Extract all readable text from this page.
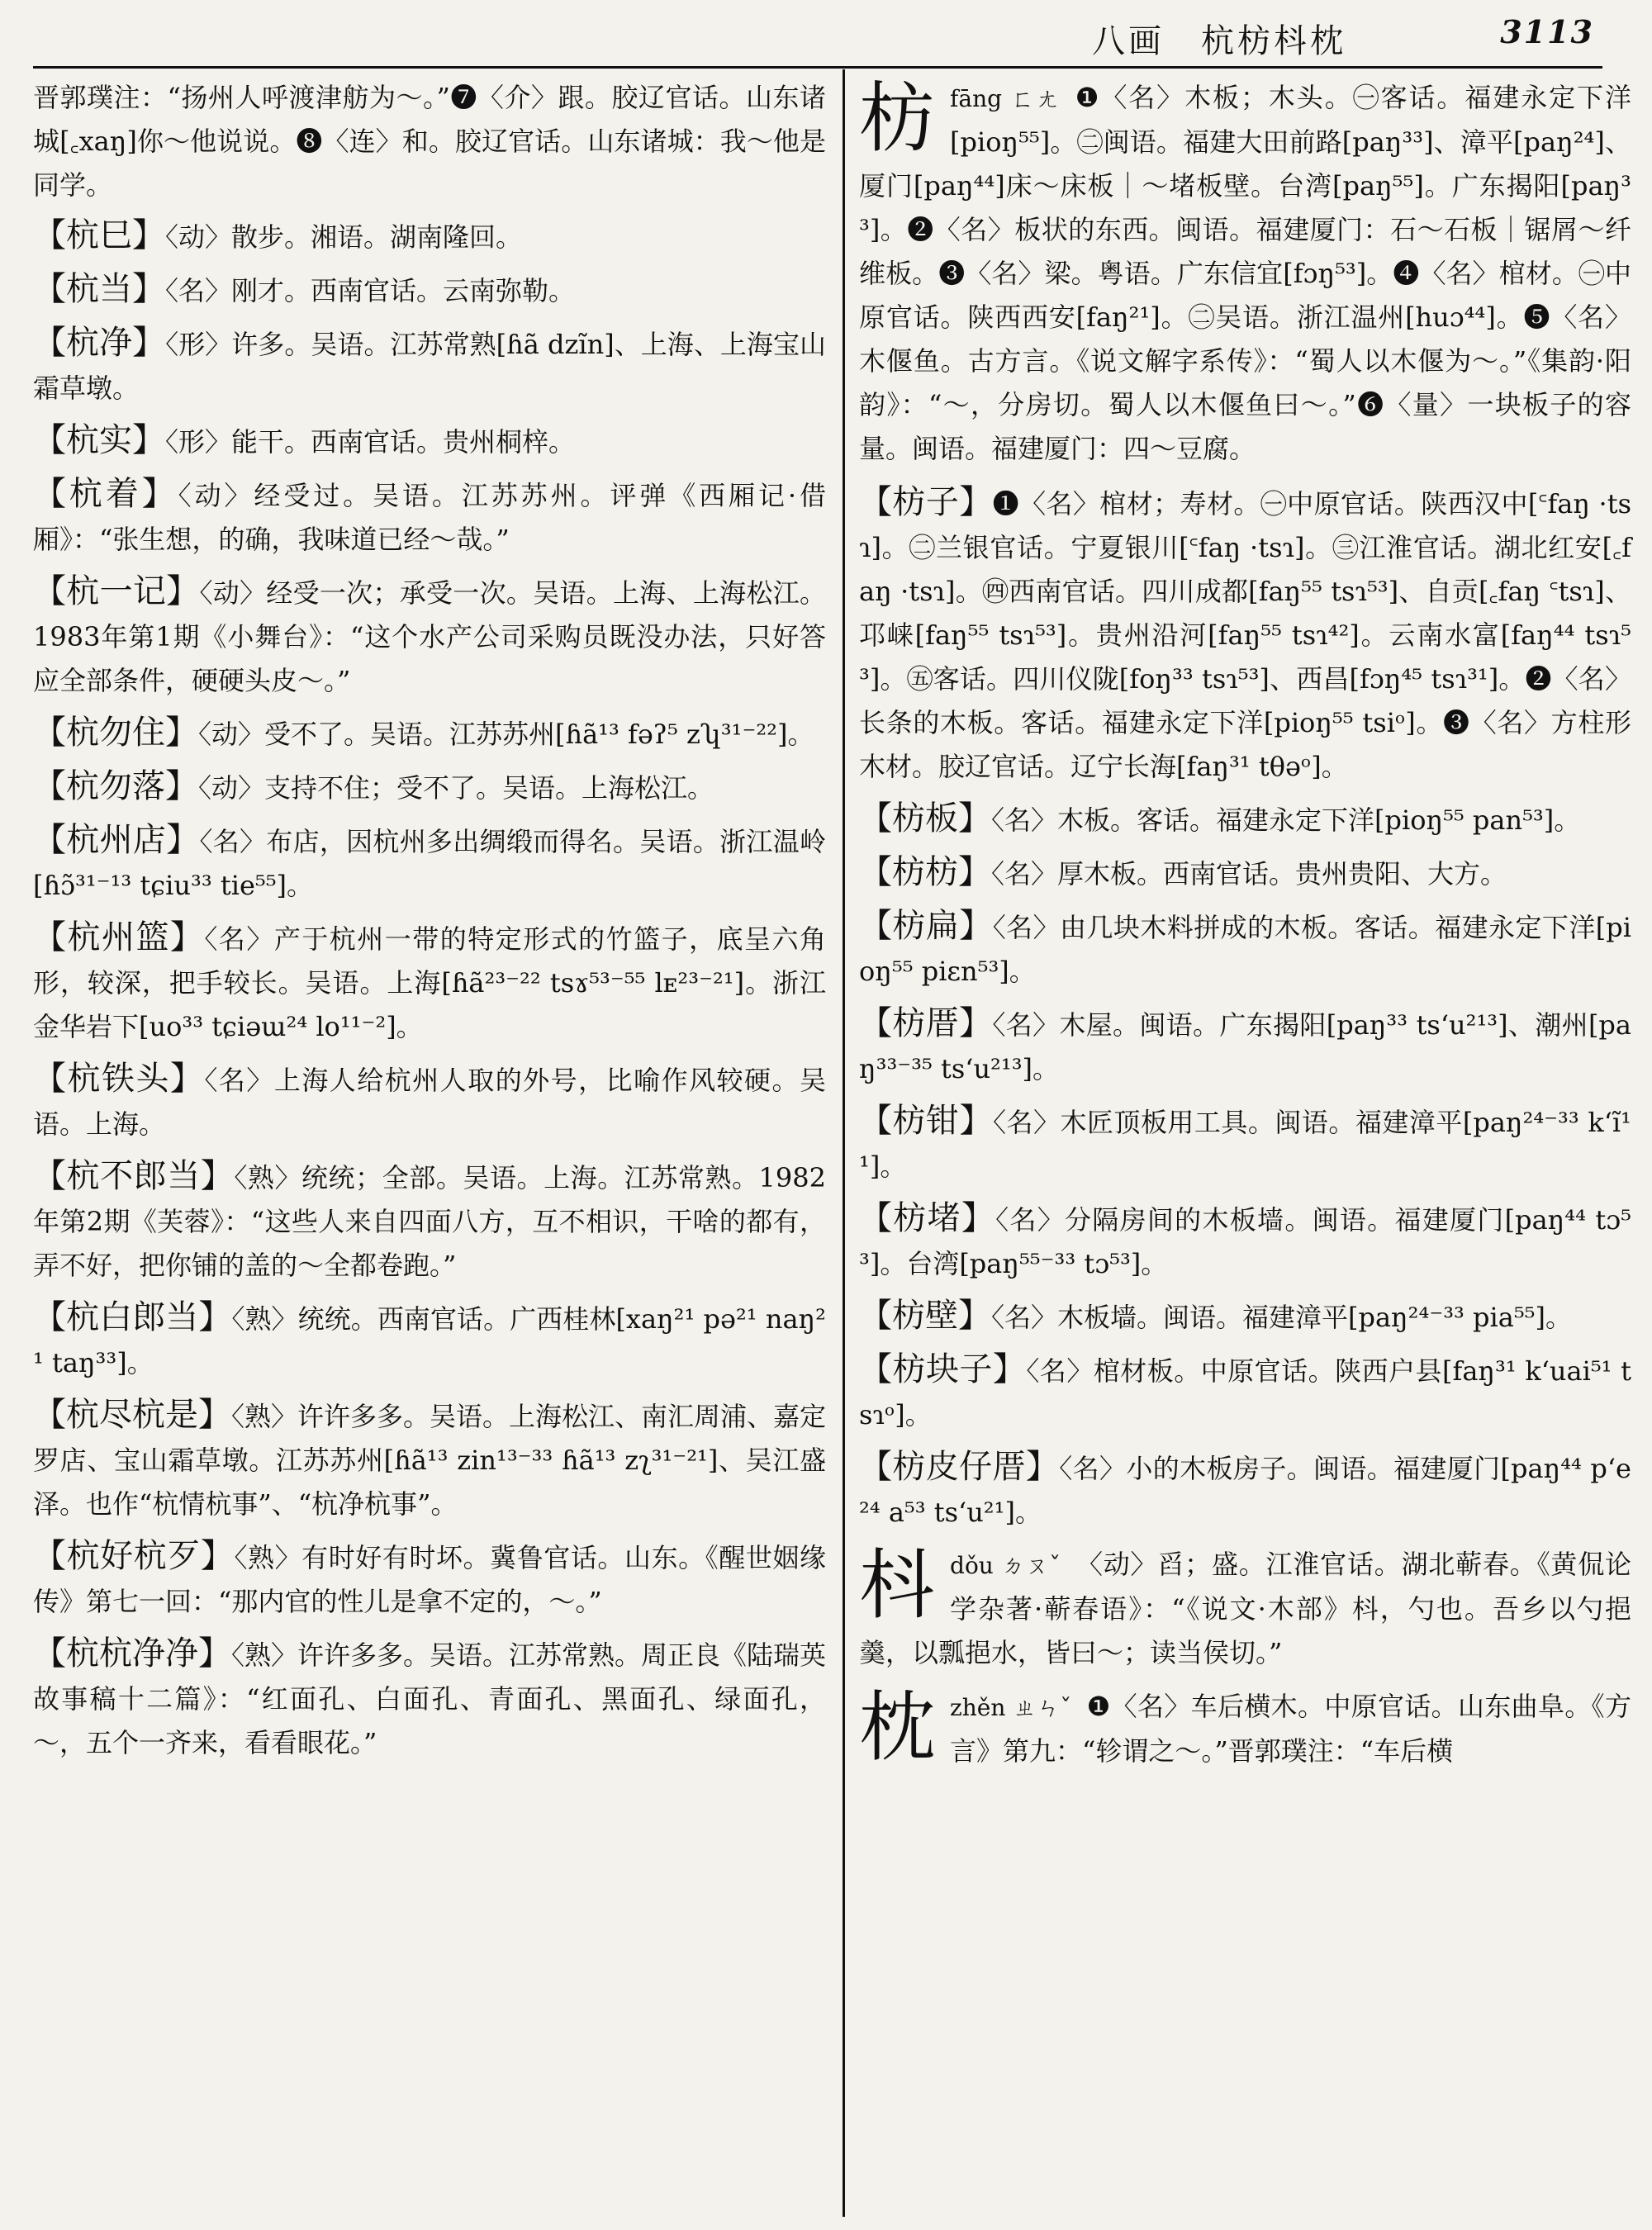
八画　杭枋枓枕	3113

晋郭璞注：“扬州人呼渡津舫为～。”❼〈介〉跟。胶辽官话。山东诸城[꜀xaŋ]你～他说说。❽〈连〉和。胶辽官话。山东诸城：我～他是同学。

【杭巳】〈动〉散步。湘语。湖南隆回。

【杭当】〈名〉刚才。西南官话。云南弥勒。

【杭净】〈形〉许多。吴语。江苏常熟[ɦã dzĩn]、上海、上海宝山霜草墩。

【杭实】〈形〉能干。西南官话。贵州桐梓。

【杭着】〈动〉经受过。吴语。江苏苏州。评弹《西厢记·借厢》：“张生想，的确，我味道已经～哉。”

【杭一记】〈动〉经受一次；承受一次。吴语。上海、上海松江。1983年第1期《小舞台》：“这个水产公司采购员既没办法，只好答应全部条件，硬硬头皮～。”

【杭勿住】〈动〉受不了。吴语。江苏苏州[ɦã¹³ fəʔ⁵ zʮ³¹⁻²²]。

【杭勿落】〈动〉支持不住；受不了。吴语。上海松江。

【杭州店】〈名〉布店，因杭州多出绸缎而得名。吴语。浙江温岭[ɦɔ̃³¹⁻¹³ tɕiu³³ tie⁵⁵]。

【杭州篮】〈名〉产于杭州一带的特定形式的竹篮子，底呈六角形，较深，把手较长。吴语。上海[ɦã²³⁻²² tsɤ⁵³⁻⁵⁵ lᴇ²³⁻²¹]。浙江金华岩下[uo³³ tɕiəɯ²⁴ lo¹¹⁻²]。

【杭铁头】〈名〉上海人给杭州人取的外号，比喻作风较硬。吴语。上海。

【杭不郎当】〈熟〉统统；全部。吴语。上海。江苏常熟。1982年第2期《芙蓉》：“这些人来自四面八方，互不相识，干啥的都有，弄不好，把你铺的盖的～全都卷跑。”

【杭白郎当】〈熟〉统统。西南官话。广西桂林[xaŋ²¹ pə²¹ naŋ²¹ taŋ³³]。

【杭尽杭是】〈熟〉许许多多。吴语。上海松江、南汇周浦、嘉定罗店、宝山霜草墩。江苏苏州[ɦã¹³ zin¹³⁻³³ ɦã¹³ zʅ³¹⁻²¹]、吴江盛泽。也作“杭情杭事”、“杭净杭事”。

【杭好杭歹】〈熟〉有时好有时坏。冀鲁官话。山东。《醒世姻缘传》第七一回：“那内官的性儿是拿不定的，～。”

【杭杭净净】〈熟〉许许多多。吴语。江苏常熟。周正良《陆瑞英故事稿十二篇》：“红面孔、白面孔、青面孔、黑面孔、绿面孔，～，五个一齐来，看看眼花。”

枋fāng ㄈㄤ ❶〈名〉木板；木头。㊀客话。福建永定下洋 [pioŋ⁵⁵]。㊁闽语。福建大田前路[paŋ³³]、漳平[paŋ²⁴]、厦门[paŋ⁴⁴]床～床板｜～堵板壁。台湾[paŋ⁵⁵]。广东揭阳[paŋ³³]。❷〈名〉板状的东西。闽语。福建厦门：石～石板｜锯屑～纤维板。❸〈名〉梁。粤语。广东信宜[fɔŋ⁵³]。❹〈名〉棺材。㊀中原官话。陕西西安[faŋ²¹]。㊁吴语。浙江温州[huɔ⁴⁴]。❺〈名〉木偃鱼。古方言。《说文解字系传》：“蜀人以木偃为～。”《集韵·阳韵》：“～，分房切。蜀人以木偃鱼曰～。”❻〈量〉一块板子的容量。闽语。福建厦门：四～豆腐。

【枋子】❶〈名〉棺材；寿材。㊀中原官话。陕西汉中[꜂faŋ ·tsɿ]。㊁兰银官话。宁夏银川[꜂faŋ ·tsɿ]。㊂江淮官话。湖北红安[꜀faŋ ·tsɿ]。㊃西南官话。四川成都[faŋ⁵⁵ tsɿ⁵³]、自贡[꜀faŋ ꜂tsɿ]、邛崃[faŋ⁵⁵ tsɿ⁵³]。贵州沿河[faŋ⁵⁵ tsɿ⁴²]。云南水富[faŋ⁴⁴ tsɿ⁵³]。㊄客话。四川仪陇[foŋ³³ tsɿ⁵³]、西昌[fɔŋ⁴⁵ tsɿ³¹]。❷〈名〉长条的木板。客话。福建永定下洋[pioŋ⁵⁵ tsiᵒ]。❸〈名〉方柱形木材。胶辽官话。辽宁长海[faŋ³¹ tθəᵒ]。

【枋板】〈名〉木板。客话。福建永定下洋[pioŋ⁵⁵ pan⁵³]。

【枋枋】〈名〉厚木板。西南官话。贵州贵阳、大方。

【枋扁】〈名〉由几块木料拼成的木板。客话。福建永定下洋[pioŋ⁵⁵ piɛn⁵³]。

【枋厝】〈名〉木屋。闽语。广东揭阳[paŋ³³ tsʻu²¹³]、潮州[paŋ³³⁻³⁵ tsʻu²¹³]。

【枋钳】〈名〉木匠顶板用工具。闽语。福建漳平[paŋ²⁴⁻³³ kʻĩ¹¹]。

【枋堵】〈名〉分隔房间的木板墙。闽语。福建厦门[paŋ⁴⁴ tɔ⁵³]。台湾[paŋ⁵⁵⁻³³ tɔ⁵³]。

【枋壁】〈名〉木板墙。闽语。福建漳平[paŋ²⁴⁻³³ pia⁵⁵]。

【枋块子】〈名〉棺材板。中原官话。陕西户县[faŋ³¹ kʻuai⁵¹ tsɿᵒ]。

【枋皮仔厝】〈名〉小的木板房子。闽语。福建厦门[paŋ⁴⁴ pʻe²⁴ a⁵³ tsʻu²¹]。

枓dǒu ㄉㄡˇ 〈动〉舀；盛。江淮官话。湖北蕲春。《黄侃论学杂著·蕲春语》：“《说文·木部》枓，勺也。吾乡以勺挹羹，以瓢挹水，皆曰～；读当侯切。”
枕zhěn ㄓㄣˇ ❶〈名〉车后横木。中原官话。山东曲阜。《方言》第九：“轸谓之～。”晋郭璞注：“车后横
